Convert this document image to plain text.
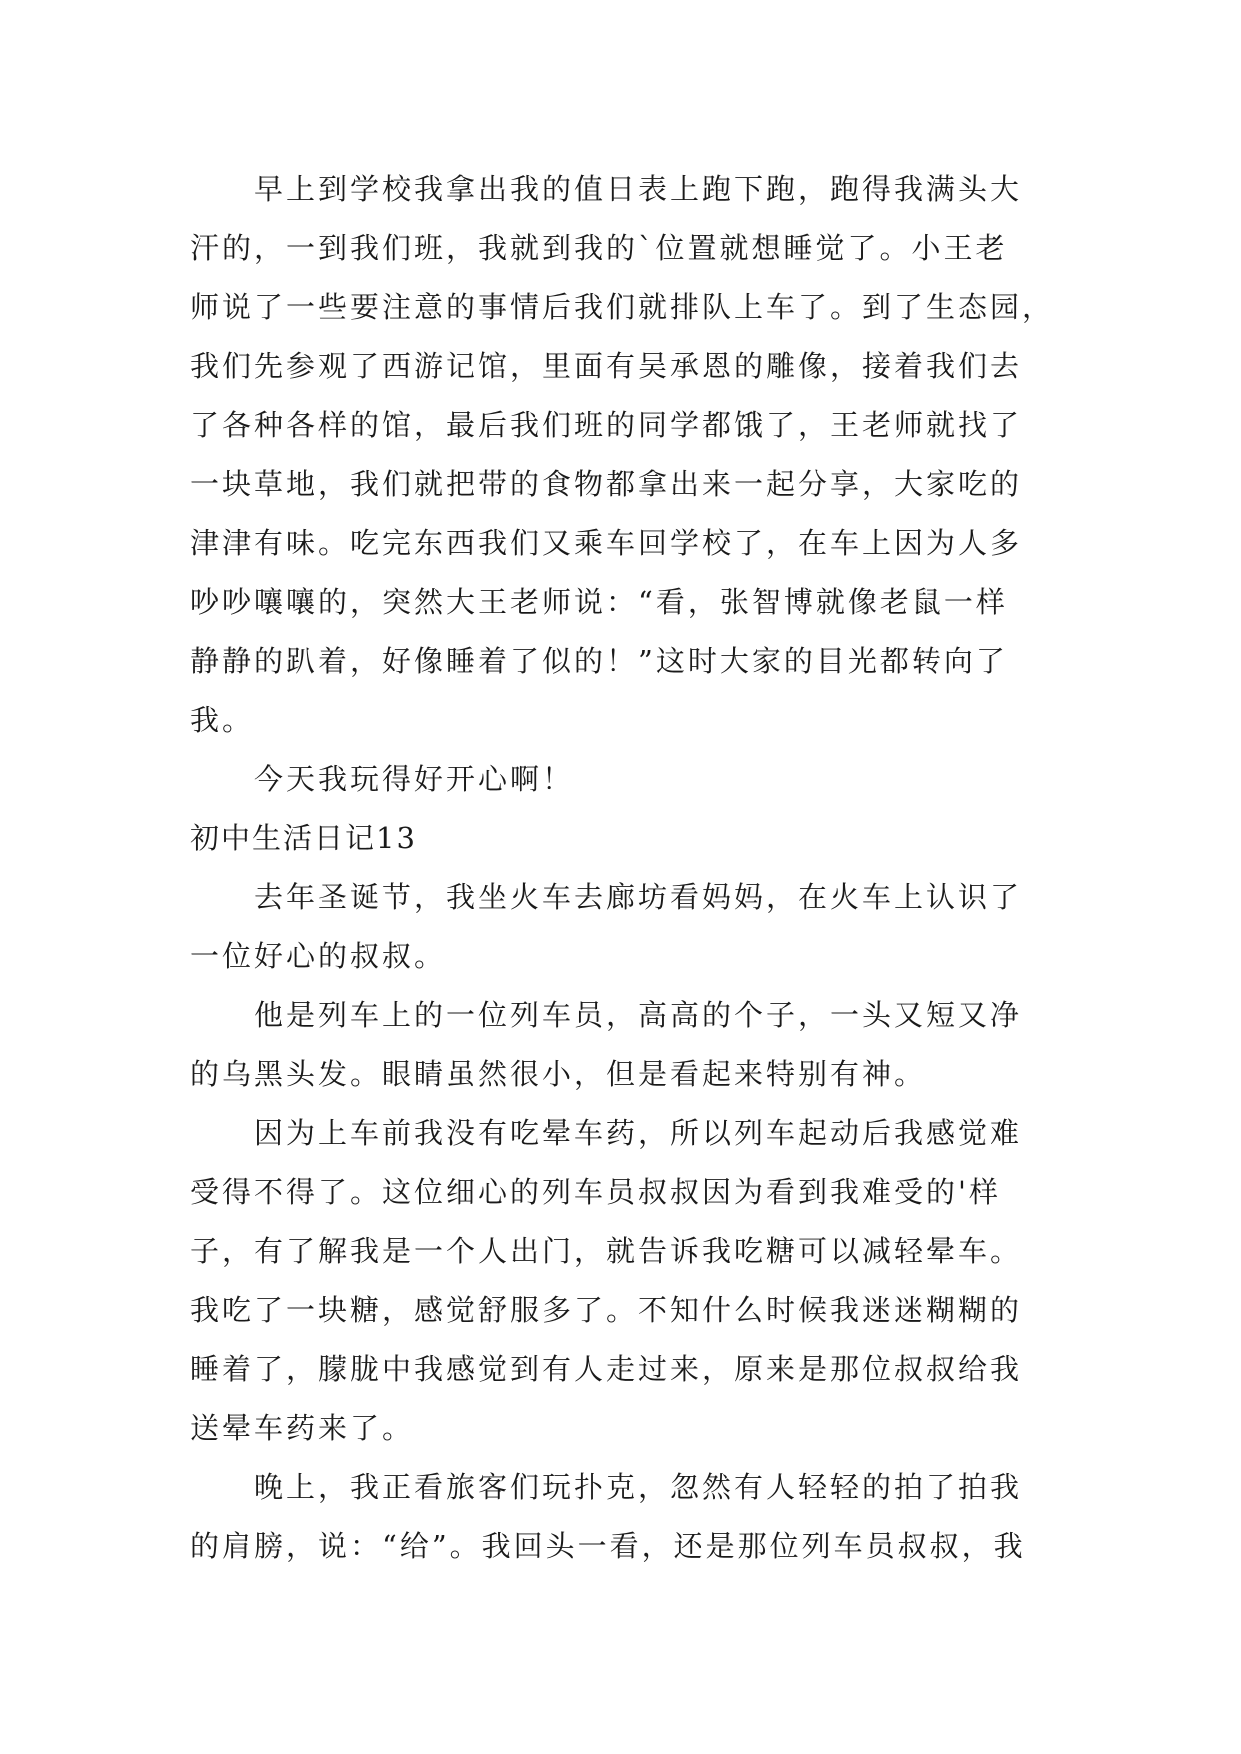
早上到学校我拿出我的值日表上跑下跑，跑得我满头大
汗的，一到我们班，我就到我的`位置就想睡觉了。小王老
师说了一些要注意的事情后我们就排队上车了。到了生态园，
我们先参观了西游记馆，里面有吴承恩的雕像，接着我们去
了各种各样的馆，最后我们班的同学都饿了，王老师就找了
一块草地，我们就把带的食物都拿出来一起分享，大家吃的
津津有味。吃完东西我们又乘车回学校了，在车上因为人多
吵吵嚷嚷的，突然大王老师说：“看，张智博就像老鼠一样
静静的趴着，好像睡着了似的！”这时大家的目光都转向了
我。
今天我玩得好开心啊！
初中生活日记13
去年圣诞节，我坐火车去廊坊看妈妈，在火车上认识了
一位好心的叔叔。
他是列车上的一位列车员，高高的个子，一头又短又净
的乌黑头发。眼睛虽然很小，但是看起来特别有神。
因为上车前我没有吃晕车药，所以列车起动后我感觉难
受得不得了。这位细心的列车员叔叔因为看到我难受的'样
子，有了解我是一个人出门，就告诉我吃糖可以减轻晕车。
我吃了一块糖，感觉舒服多了。不知什么时候我迷迷糊糊的
睡着了，朦胧中我感觉到有人走过来，原来是那位叔叔给我
送晕车药来了。
晚上，我正看旅客们玩扑克，忽然有人轻轻的拍了拍我
的肩膀，说：“给”。我回头一看，还是那位列车员叔叔，我
